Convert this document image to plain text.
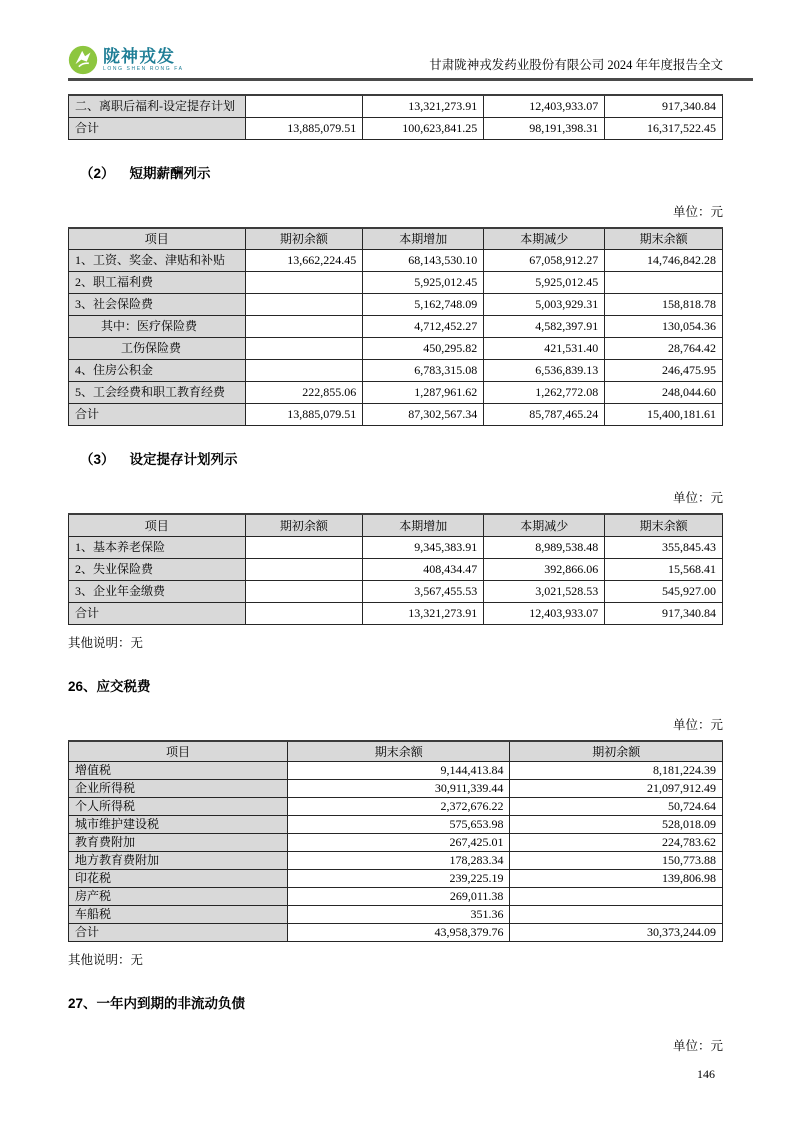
陇神戎发
LONG SHEN RONG FA	甘肃陇神戎发药业股份有限公司 2024 年年度报告全文
二、离职后福利-设定提存计划		13,321,273.91	12,403,933.07	917,340.84
合计	13,885,079.51	100,623,841.25	98,191,398.31	16,317,522.45
（2） 短期薪酬列示
单位：元
项目	期初余额	本期增加	本期减少	期末余额
1、工资、奖金、津贴和补贴	13,662,224.45	68,143,530.10	67,058,912.27	14,746,842.28
2、职工福利费		5,925,012.45	5,925,012.45	
3、社会保险费		5,162,748.09	5,003,929.31	158,818.78
其中：医疗保险费		4,712,452.27	4,582,397.91	130,054.36
工伤保险费		450,295.82	421,531.40	28,764.42
4、住房公积金		6,783,315.08	6,536,839.13	246,475.95
5、工会经费和职工教育经费	222,855.06	1,287,961.62	1,262,772.08	248,044.60
合计	13,885,079.51	87,302,567.34	85,787,465.24	15,400,181.61
（3） 设定提存计划列示
单位：元
项目	期初余额	本期增加	本期减少	期末余额
1、基本养老保险		9,345,383.91	8,989,538.48	355,845.43
2、失业保险费		408,434.47	392,866.06	15,568.41
3、企业年金缴费		3,567,455.53	3,021,528.53	545,927.00
合计		13,321,273.91	12,403,933.07	917,340.84
其他说明：无
26、应交税费
单位：元
项目	期末余额	期初余额
增值税	9,144,413.84	8,181,224.39
企业所得税	30,911,339.44	21,097,912.49
个人所得税	2,372,676.22	50,724.64
城市维护建设税	575,653.98	528,018.09
教育费附加	267,425.01	224,783.62
地方教育费附加	178,283.34	150,773.88
印花税	239,225.19	139,806.98
房产税	269,011.38	
车船税	351.36	
合计	43,958,379.76	30,373,244.09
其他说明：无
27、一年内到期的非流动负债
单位：元
146
